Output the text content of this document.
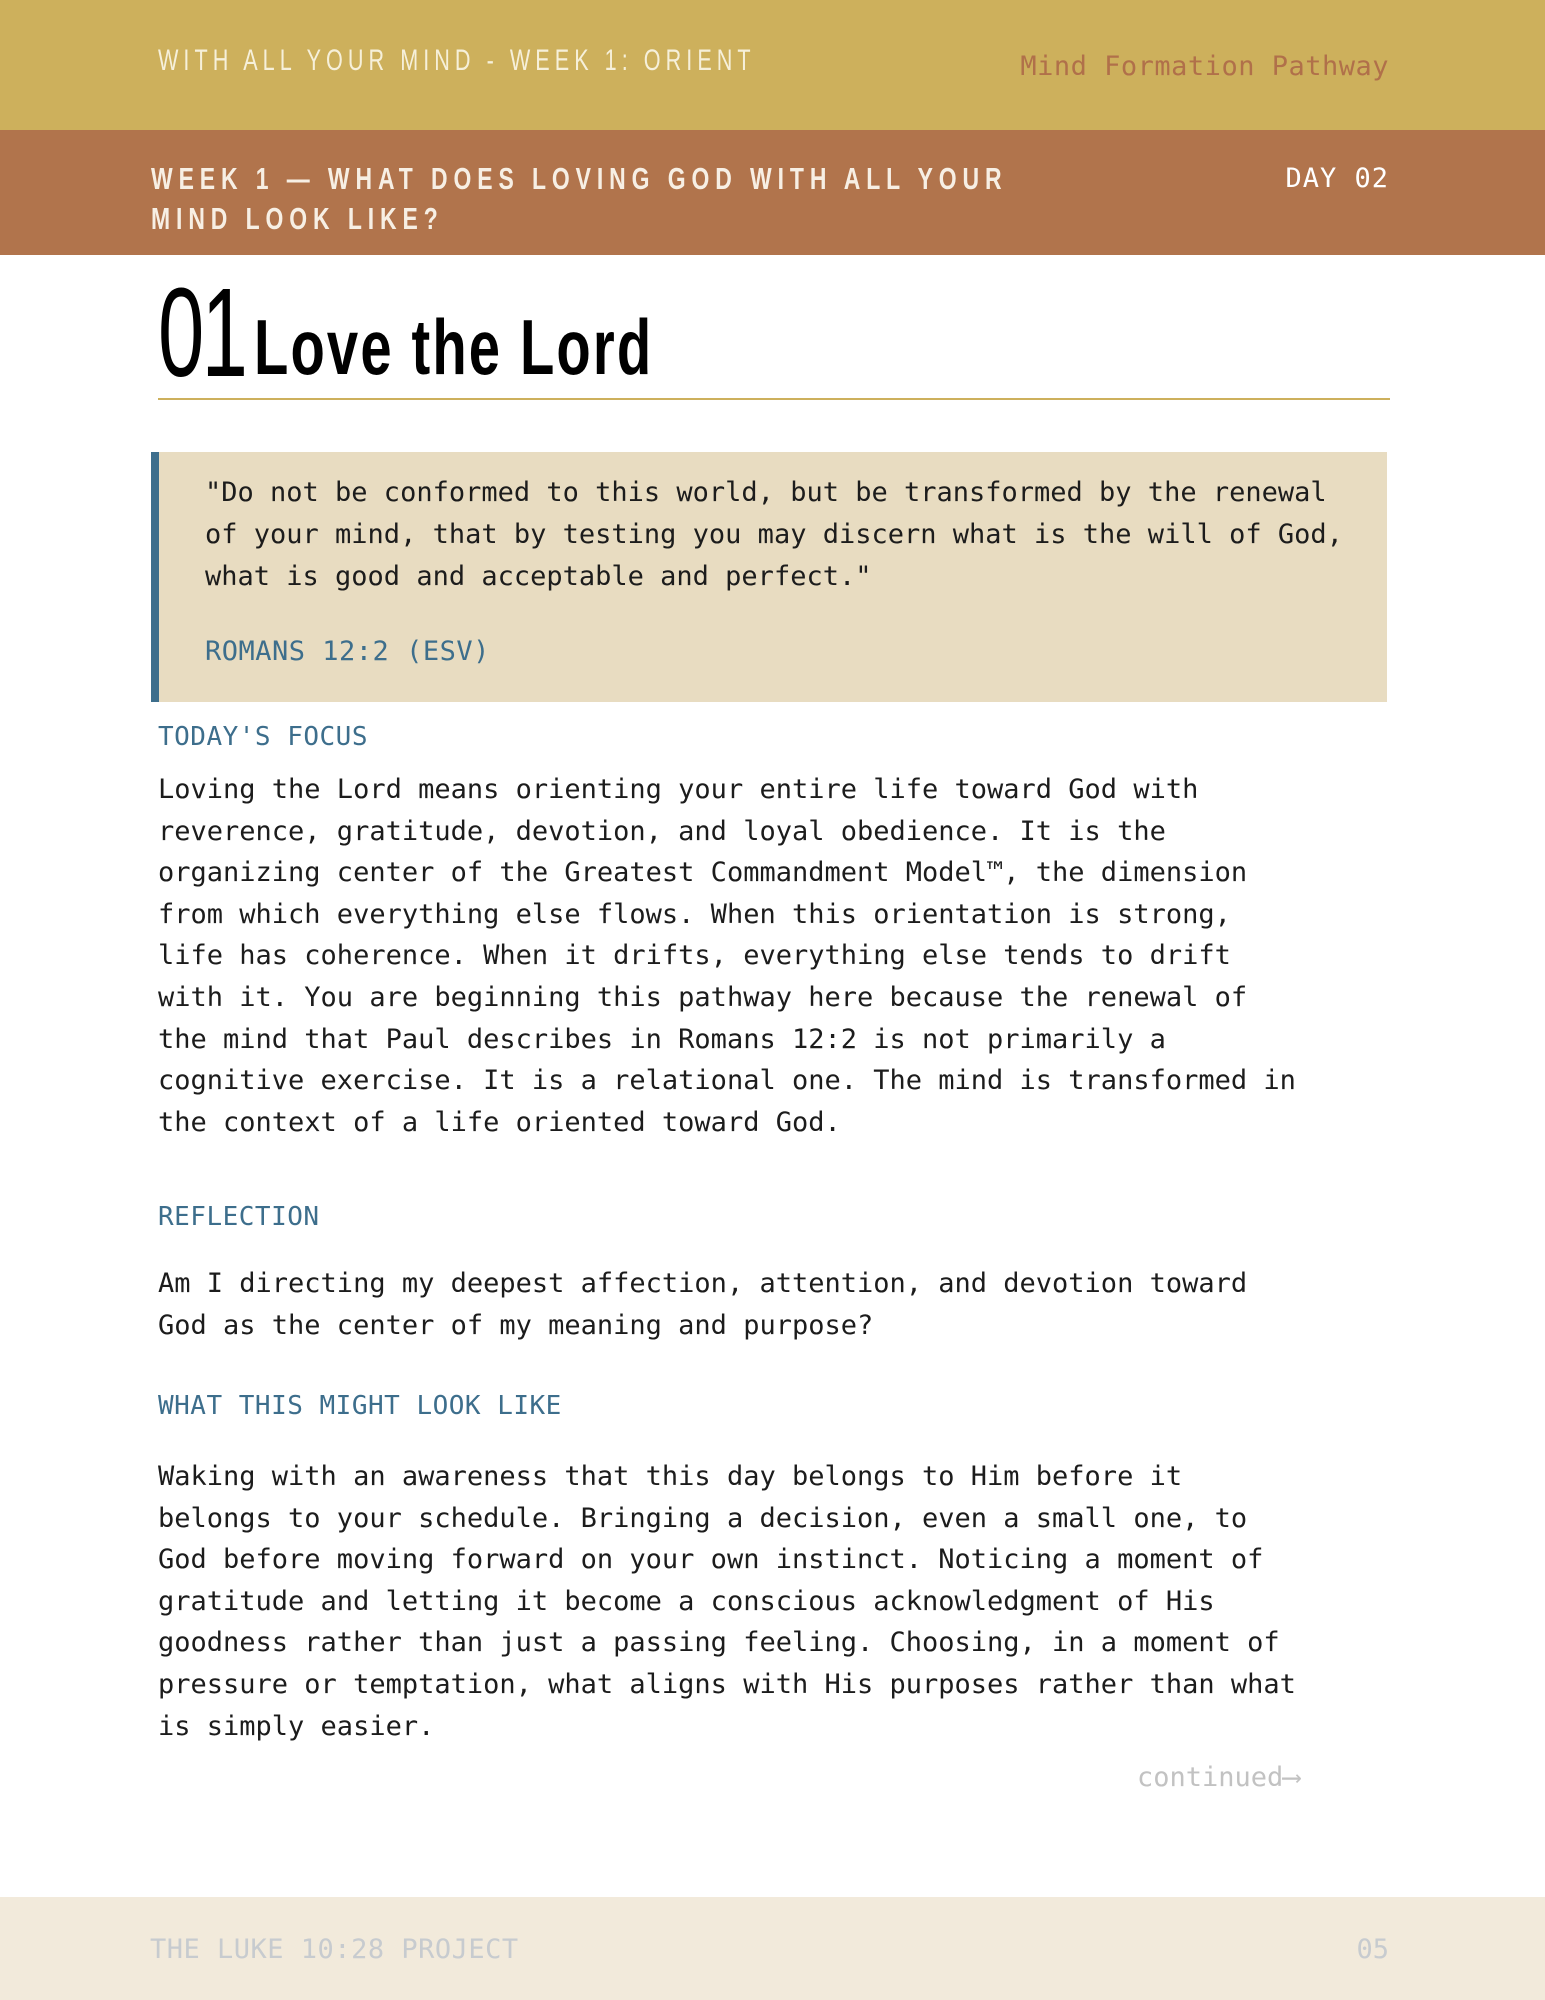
WITH ALL YOUR MIND - WEEK 1: ORIENT	Mind Formation Pathway
WEEK 1 — WHAT DOES LOVING GOD WITH ALL YOUR MIND LOOK LIKE?
DAY 02
01 Love the Lord
"Do not be conformed to this world, but be transformed by the renewal of your mind, that by testing you may discern what is the will of God, what is good and acceptable and perfect."
ROMANS 12:2 (ESV)
TODAY'S FOCUS
Loving the Lord means orienting your entire life toward God with reverence, gratitude, devotion, and loyal obedience. It is the organizing center of the Greatest Commandment Model™, the dimension from which everything else flows. When this orientation is strong, life has coherence. When it drifts, everything else tends to drift with it. You are beginning this pathway here because the renewal of the mind that Paul describes in Romans 12:2 is not primarily a cognitive exercise. It is a relational one. The mind is transformed in the context of a life oriented toward God.
REFLECTION
Am I directing my deepest affection, attention, and devotion toward God as the center of my meaning and purpose?
WHAT THIS MIGHT LOOK LIKE
Waking with an awareness that this day belongs to Him before it belongs to your schedule. Bringing a decision, even a small one, to God before moving forward on your own instinct. Noticing a moment of gratitude and letting it become a conscious acknowledgment of His goodness rather than just a passing feeling. Choosing, in a moment of pressure or temptation, what aligns with His purposes rather than what is simply easier.
continued⟶
THE LUKE 10:28 PROJECT	05
